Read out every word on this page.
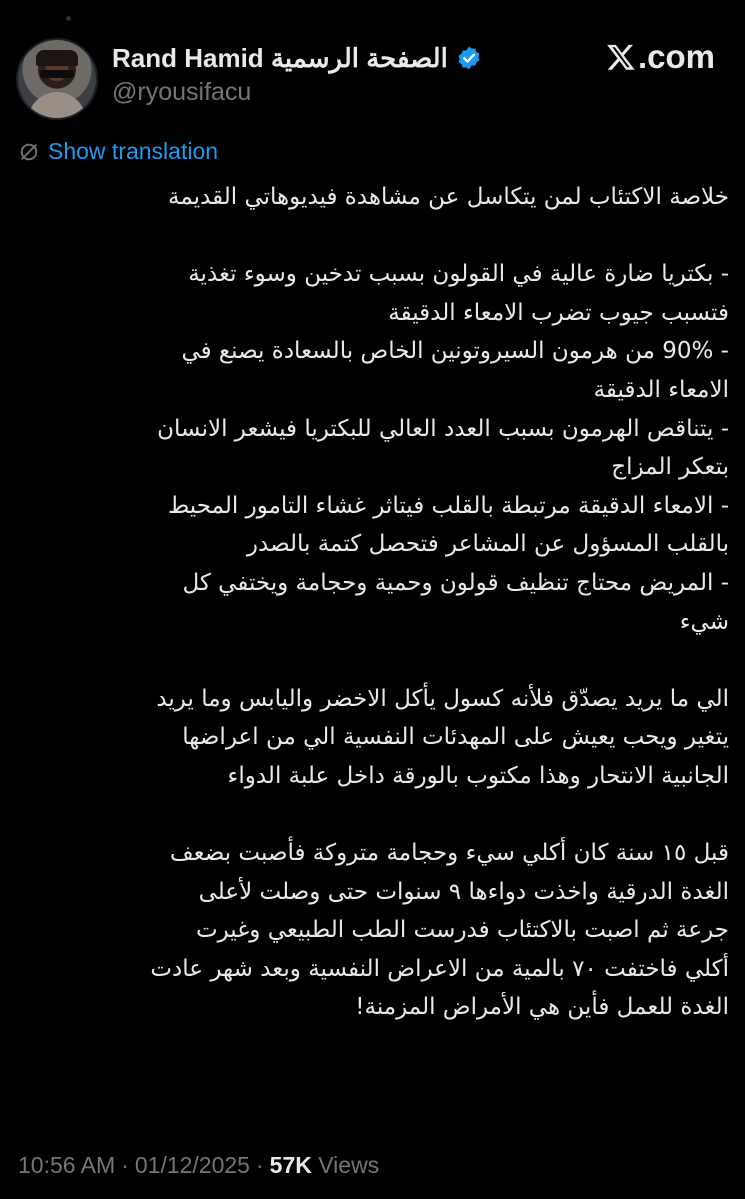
Rand Hamid الصفحة الرسمية
@ryousifacu
.com
Show translation

خلاصة الاكتئاب لمن يتكاسل عن مشاهدة فيديوهاتي القديمة

- بكتريا ضارة عالية في القولون بسبب تدخين وسوء تغذية

فتسبب جيوب تضرب الامعاء الدقيقة

- 90% من هرمون السيروتونين الخاص بالسعادة يصنع في

الامعاء الدقيقة

- يتناقص الهرمون بسبب العدد العالي للبكتريا فيشعر الانسان

بتعكر المزاج

- الامعاء الدقيقة مرتبطة بالقلب فيتاثر غشاء التامور المحيط

بالقلب المسؤول عن المشاعر فتحصل كتمة بالصدر

- المريض محتاج تنظيف قولون وحمية وحجامة ويختفي كل

شيء

الي ما يريد يصدّق فلأنه كسول يأكل الاخضر واليابس وما يريد

يتغير ويحب يعيش على المهدئات النفسية الي من اعراضها

الجانبية الانتحار وهذا مكتوب بالورقة داخل علبة الدواء

قبل ١٥ سنة كان أكلي سيء وحجامة متروكة فأصبت بضعف

الغدة الدرقية واخذت دواءها ٩ سنوات حتى وصلت لأعلى

جرعة ثم اصبت بالاكتئاب فدرست الطب الطبيعي وغيرت

أكلي فاختفت ٧٠ بالمية من الاعراض النفسية وبعد شهر عادت

الغدة للعمل فأين هي الأمراض المزمنة!

10:56 AM · 01/12/2025 · 57K Views
